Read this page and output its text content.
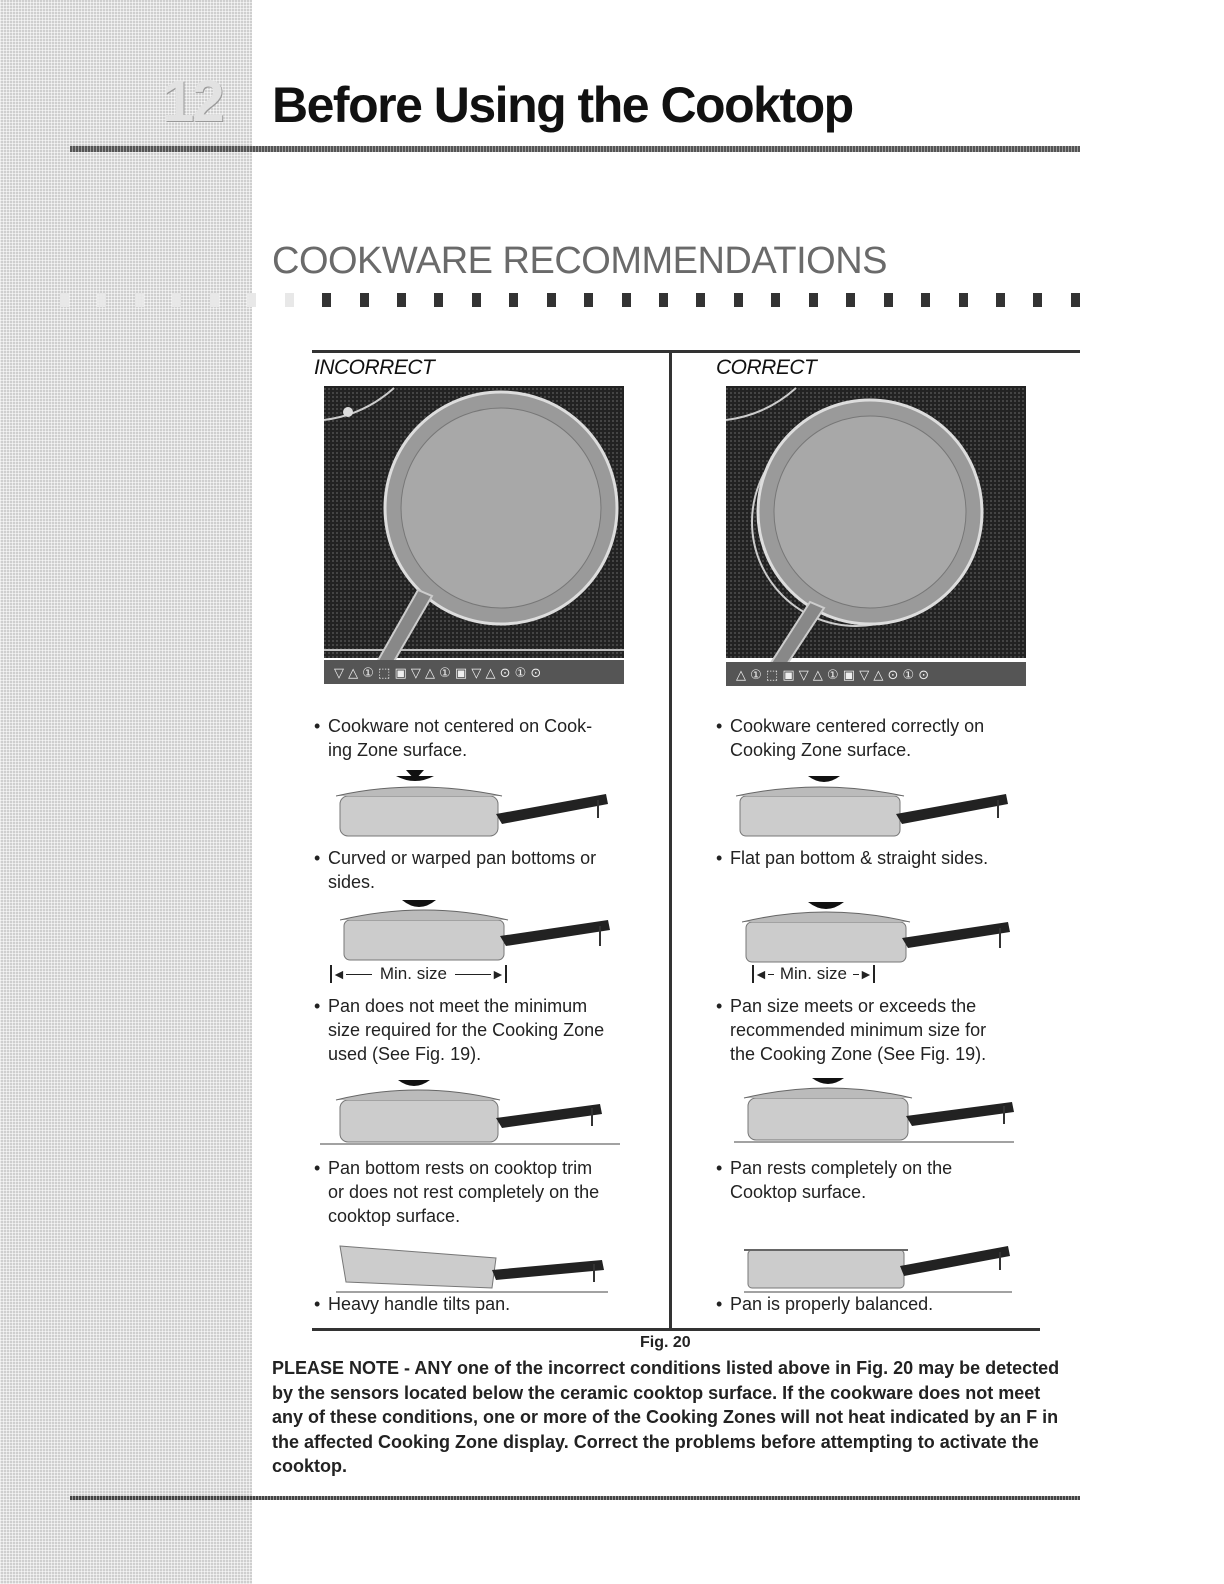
12 Before Using the Cooktop
COOKWARE RECOMMENDATIONS
INCORRECT
▽ △ ① ⬚ ▣ ▽ △ ① ▣ ▽ △ ⊙ ① ⊙
• Cookware not centered on Cook-
ing Zone surface.
• Curved or warped pan bottoms or
sides.
◄ Min. size	►
• Pan does not meet the minimum
size required for the Cooking Zone
used (See Fig. 19).
• Pan bottom rests on cooktop trim
or does not rest completely on the
cooktop surface.
• Heavy handle tilts pan.
CORRECT
△ ① ⬚ ▣ ▽ △ ① ▣ ▽ △ ⊙ ① ⊙
• Cookware centered correctly on
Cooking Zone surface.
• Flat pan bottom & straight sides.
◄ Min. size ►
• Pan size meets or exceeds the
recommended minimum size for
the Cooking Zone (See Fig. 19).
• Pan rests completely on the
Cooktop surface.
• Pan is properly balanced.
Fig. 20

PLEASE NOTE - ANY one of the incorrect conditions listed above in Fig. 20 may be detected by the sensors located below the ceramic cooktop surface. If the cookware does not meet any of these conditions, one or more of the Cooking Zones will not heat indicated by an F in the affected Cooking Zone display. Correct the problems before attempting to activate the cooktop.
